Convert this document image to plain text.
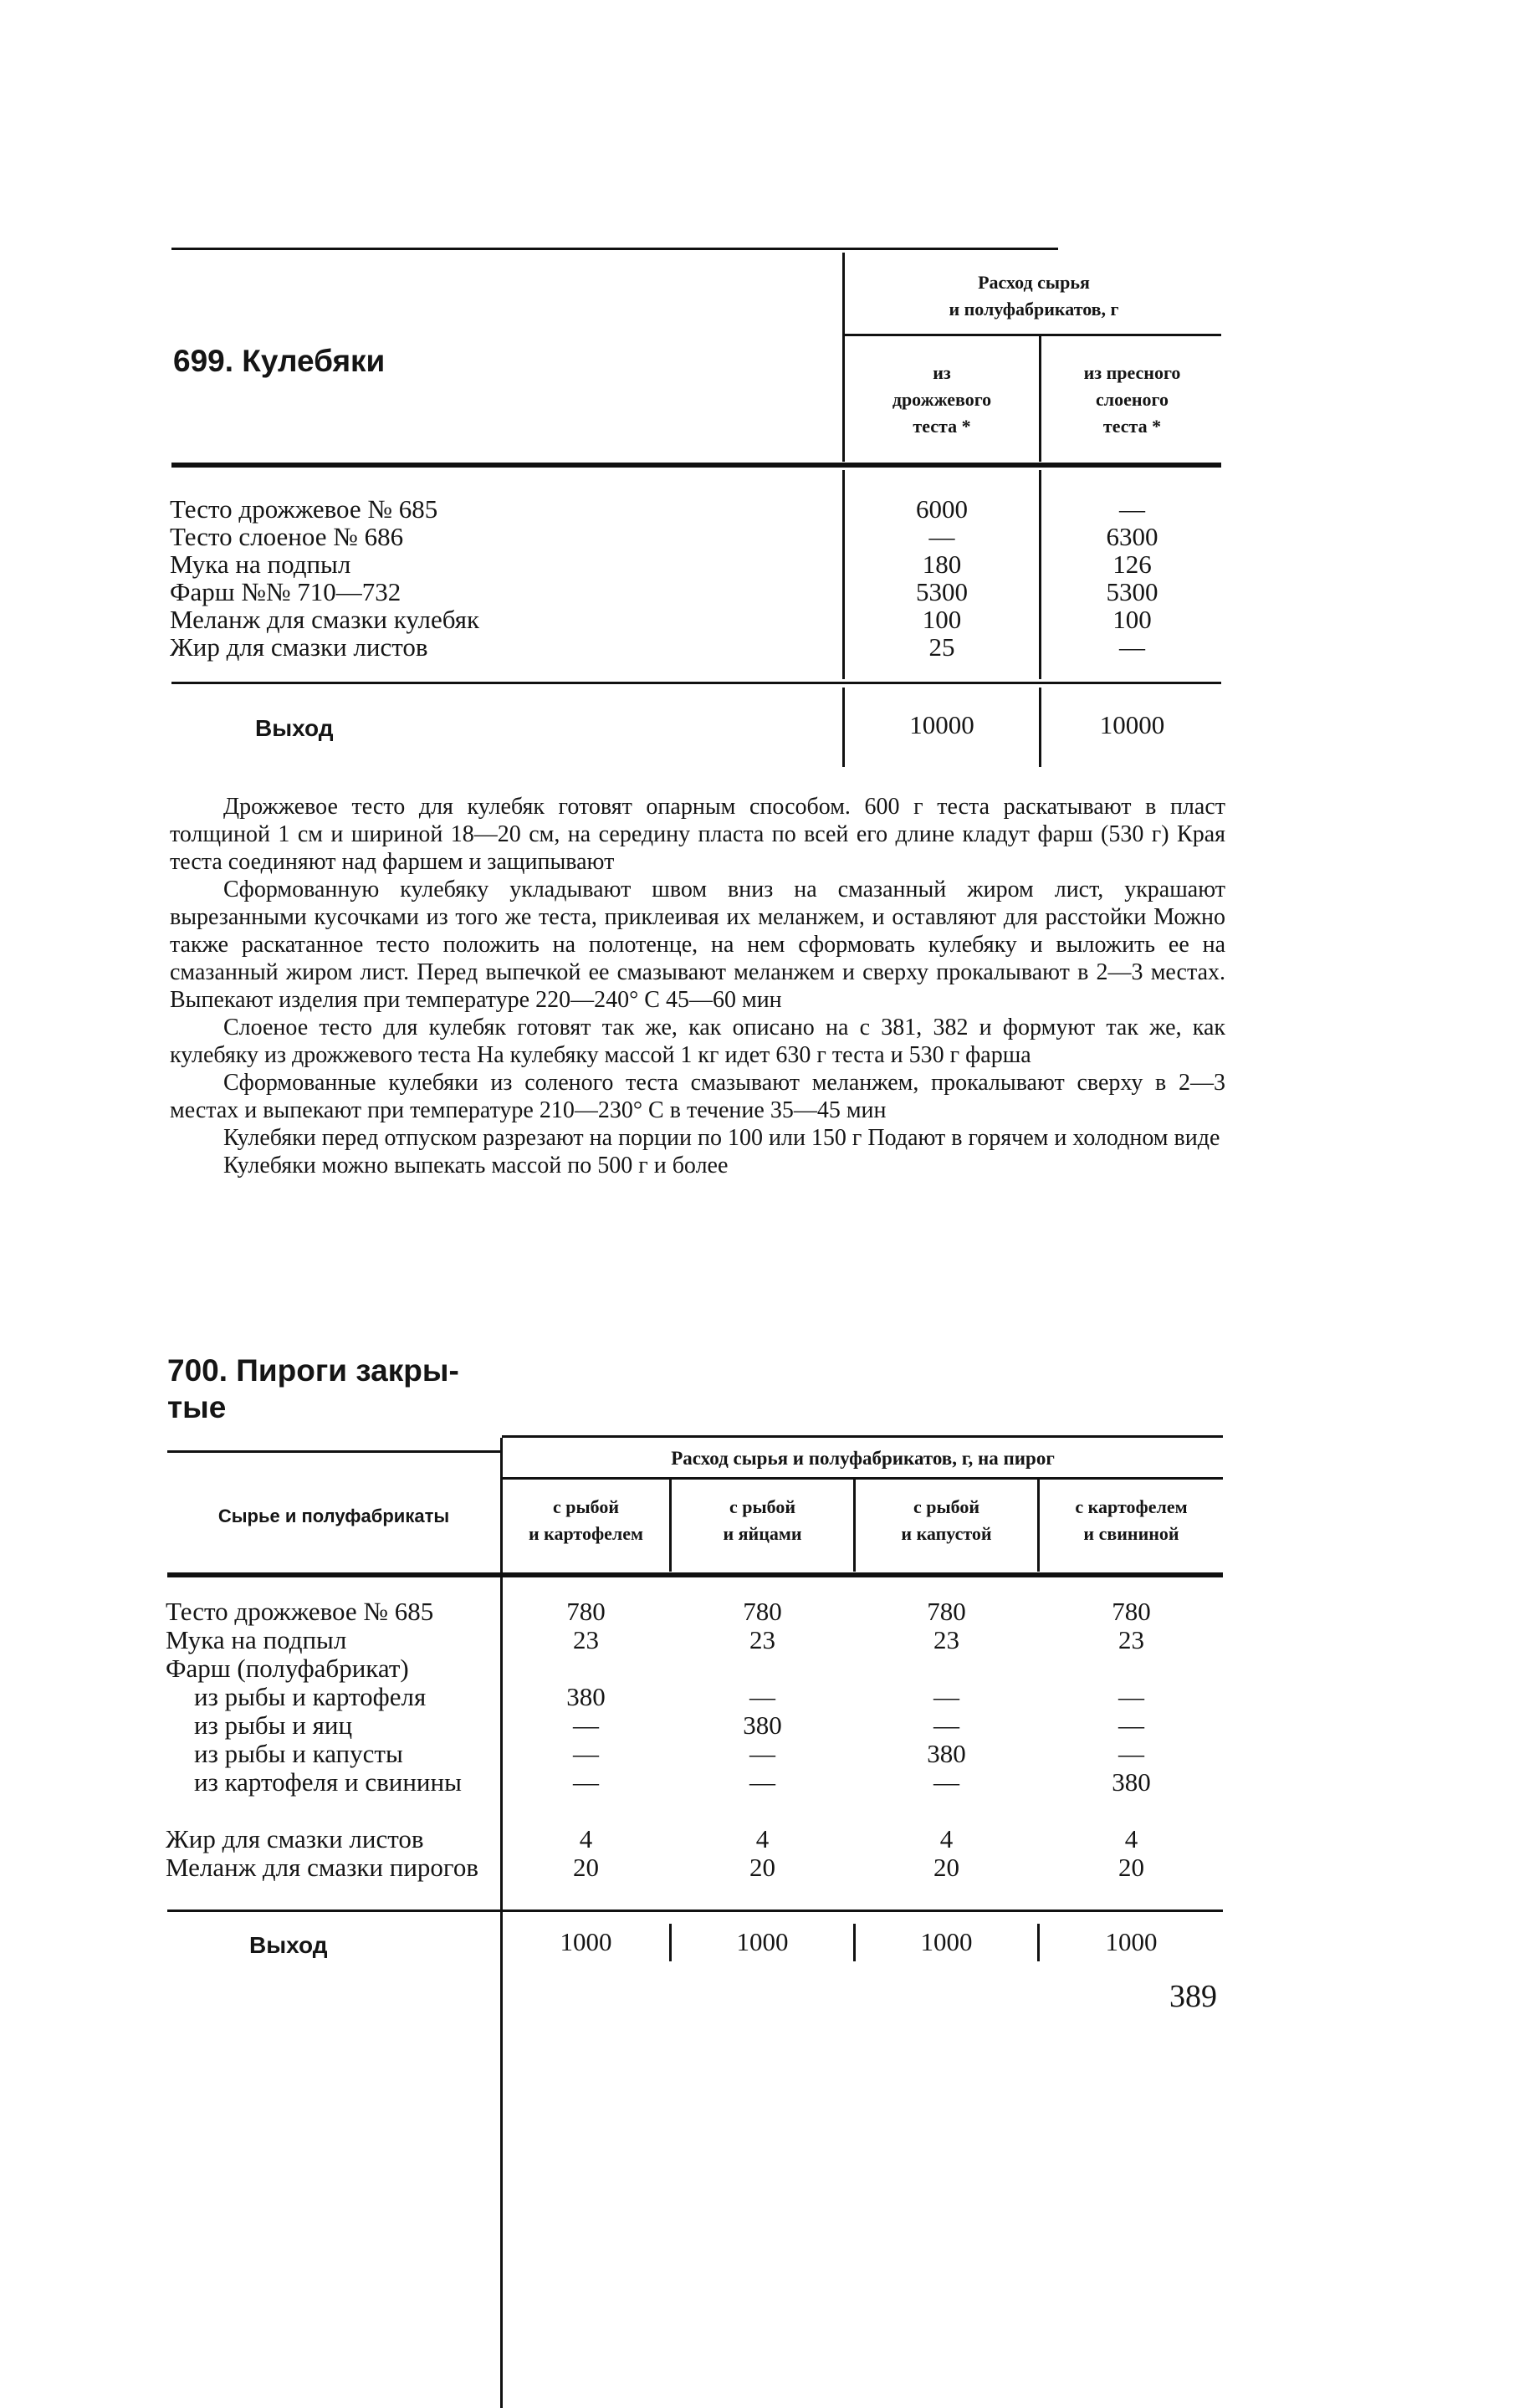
699. Кулебяки
Расход сырья
и полуфабрикатов, г
из
дрожжевого
теста *
из пресного
слоеного
теста *
Тесто дрожжевое № 685	6000	—
Тесто слоеное № 686	—	6300
Мука на подпыл	180	126
Фарш №№ 710—732	5300	5300
Меланж для смазки кулебяк	100	100
Жир для смазки листов	25	—
Выход	10000	10000

Дрожжевое тесто для кулебяк готовят опарным способом. 600 г теста раскатывают в пласт толщиной 1 см и шириной 18—20 см, на середину пласта по всей его длине кладут фарш (530 г) Края теста соединяют над фаршем и защипывают

Сформованную кулебяку укладывают швом вниз на смазанный жиром лист, украшают вырезанными кусочками из того же теста, приклеивая их меланжем, и оставляют для расстойки Можно также раскатанное тесто положить на полотенце, на нем сформовать кулебяку и выложить ее на смазанный жиром лист. Перед выпечкой ее смазывают меланжем и сверху прокалывают в 2—3 местах. Выпекают изделия при температуре 220—240° С 45—60 мин

Слоеное тесто для кулебяк готовят так же, как описано на с 381, 382 и формуют так же, как кулебяку из дрожжевого теста На кулебяку массой 1 кг идет 630 г теста и 530 г фарша

Сформованные кулебяки из соленого теста смазывают меланжем, прокалывают сверху в 2—3 местах и выпекают при температуре 210—230° С в течение 35—45 мин

Кулебяки перед отпуском разрезают на порции по 100 или 150 г Подают в горячем и холодном виде

Кулебяки можно выпекать массой по 500 г и более

700. Пироги закры-
тые
Сырье и полуфабрикаты
Расход сырья и полуфабрикатов, г, на пирог
с рыбой
и картофелем
с рыбой
и яйцами
с рыбой
и капустой
с картофелем
и свининой
Тесто дрожжевое № 685	780	780	780	780
Мука на подпыл	23	23	23	23
Фарш (полуфабрикат)
из рыбы и картофеля	380	—	—	—
из рыбы и яиц	—	380	—	—
из рыбы и капусты	—	—	380	—
из картофеля и свинины	—	—	—	380
Жир для смазки листов	4	4	4	4
Меланж для смазки пирогов	20	20	20	20
Выход	1000	1000	1000	1000
389
